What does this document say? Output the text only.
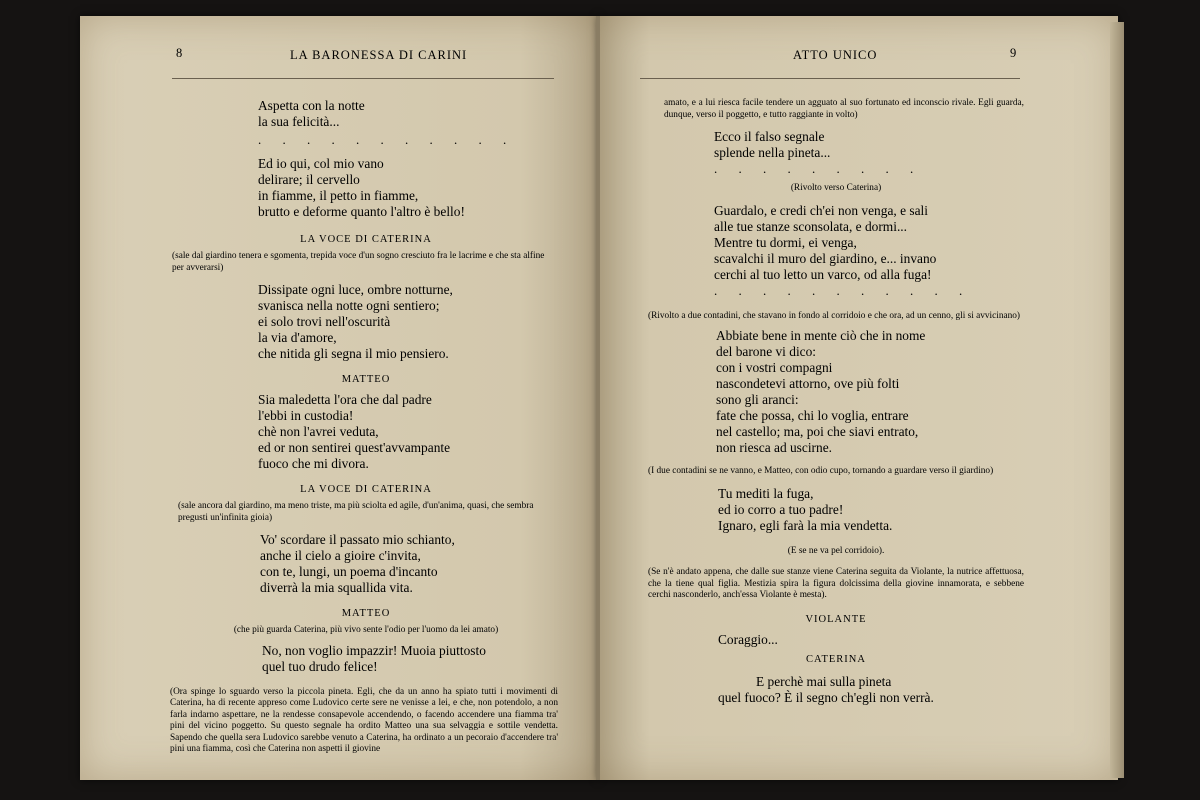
8	LA BARONESSA DI CARINI
Aspetta con la notte
la sua felicità...

. . . . . . . . . . .

Ed io qui, col mio vano
delirare; il cervello
in fiamme, il petto in fiamme,
brutto e deforme quanto l'altro è bello!

LA VOCE DI CATERINA

(sale dal giardino tenera e sgomenta, trepida voce d'un sogno cresciuto fra le lacrime e che sta alfine per avverarsi)

Dissipate ogni luce, ombre notturne,
svanisca nella notte ogni sentiero;
ei solo trovi nell'oscurità
la via d'amore,
che nitida gli segna il mio pensiero.

MATTEO

Sia maledetta l'ora che dal padre
l'ebbi in custodia!
chè non l'avrei veduta,
ed or non sentirei quest'avvampante
fuoco che mi divora.

LA VOCE DI CATERINA

(sale ancora dal giardino, ma meno triste, ma più sciolta ed agile, d'un'anima, quasi, che sembra pregusti un'infinita gioia)

Vo' scordare il passato mio schianto,
anche il cielo a gioire c'invita,
con te, lungi, un poema d'incanto
diverrà la mia squallida vita.

MATTEO

(che più guarda Caterina, più vivo sente l'odio per l'uomo da lei amato)

No, non voglio impazzir! Muoia piuttosto
quel tuo drudo felice!

(Ora spinge lo sguardo verso la piccola pineta. Egli, che da un anno ha spiato tutti i movimenti di Caterina, ha di recente appreso come Ludovico certe sere ne venisse a lei, e che, non potendolo, a non farla indarno aspettare, ne la rendesse consapevole accendendo, o facendo accendere una fiamma tra' pini del vicino poggetto. Su questo segnale ha ordito Matteo una sua selvaggia e sottile vendetta. Sapendo che quella sera Ludovico sarebbe venuto a Caterina, ha ordinato a un pecoraio d'accendere tra' pini una fiamma, così che Caterina non aspetti il giovine

ATTO UNICO	9

amato, e a lui riesca facile tendere un agguato al suo fortunato ed inconscio rivale. Egli guarda, dunque, verso il poggetto, e tutto raggiante in volto)

Ecco il falso segnale
splende nella pineta...

. . . . . . . . .

(Rivolto verso Caterina)

Guardalo, e credi ch'ei non venga, e sali
alle tue stanze sconsolata, e dormi...
Mentre tu dormi, ei venga,
scavalchi il muro del giardino, e... invano
cerchi al tuo letto un varco, od alla fuga!

. . . . . . . . . . .

(Rivolto a due contadini, che stavano in fondo al corridoio e che ora, ad un cenno, gli si avvicinano)

Abbiate bene in mente ciò che in nome
del barone vi dico:
con i vostri compagni
nascondetevi attorno, ove più folti
sono gli aranci:
fate che possa, chi lo voglia, entrare
nel castello; ma, poi che siavi entrato,
non riesca ad uscirne.

(I due contadini se ne vanno, e Matteo, con odio cupo, tornando a guardare verso il giardino)

Tu mediti la fuga,
ed io corro a tuo padre!
Ignaro, egli farà la mia vendetta.

(E se ne va pel corridoio).

(Se n'è andato appena, che dalle sue stanze viene Caterina seguita da Violante, la nutrice affettuosa, che la tiene qual figlia. Mestizia spira la figura dolcissima della giovine innamorata, e sebbene cerchi nasconderlo, anch'essa Violante è mesta).

VIOLANTE

Coraggio...

CATERINA

E perchè mai sulla pineta
quel fuoco? È il segno ch'egli non verrà.
